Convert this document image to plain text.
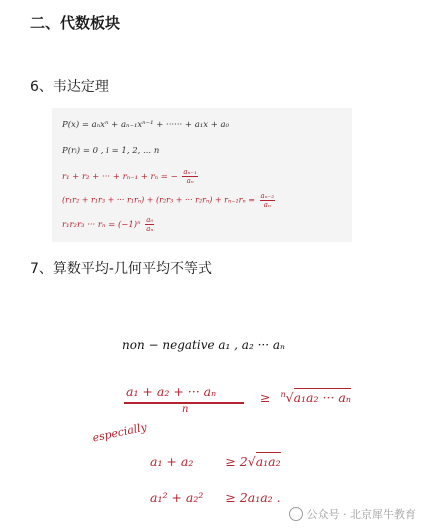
二、代数板块
6、韦达定理
P(x) = aₙxⁿ + aₙ₋₁xⁿ⁻¹ + ······ + a₁x + a₀
P(rᵢ) = 0 , i = 1, 2, ... n
r₁ + r₂ + ··· + rₙ₋₁ + rₙ = − $\frac{\text{aₙ₋₁}}{\text{aₙ}}$
(r₁r₂ + r₁r₃ + ··· r₁rₙ) + (r₂r₃ + ··· $r_2r_n) + r_{n-1}r_n = \frac{\text{aₙ₋₂}}{\text{aₙ}}$
r₁r₂r₃ ··· $r_n = (-1)^n \frac{\text{a₀}}{\text{aₙ}}$
7、算数平均-几何平均不等式
non − negative a₁ , a₂ ··· aₙ
a₁ + a₂ + ··· aₙ
n
≥ $^n$√a₁a₂ ··· aₙ
especially
a₁ + a₂	≥ 2√a₁a₂
a₁² + a₂² ≥ 2a₁a₂ .
公众号 · 北京犀牛教育
